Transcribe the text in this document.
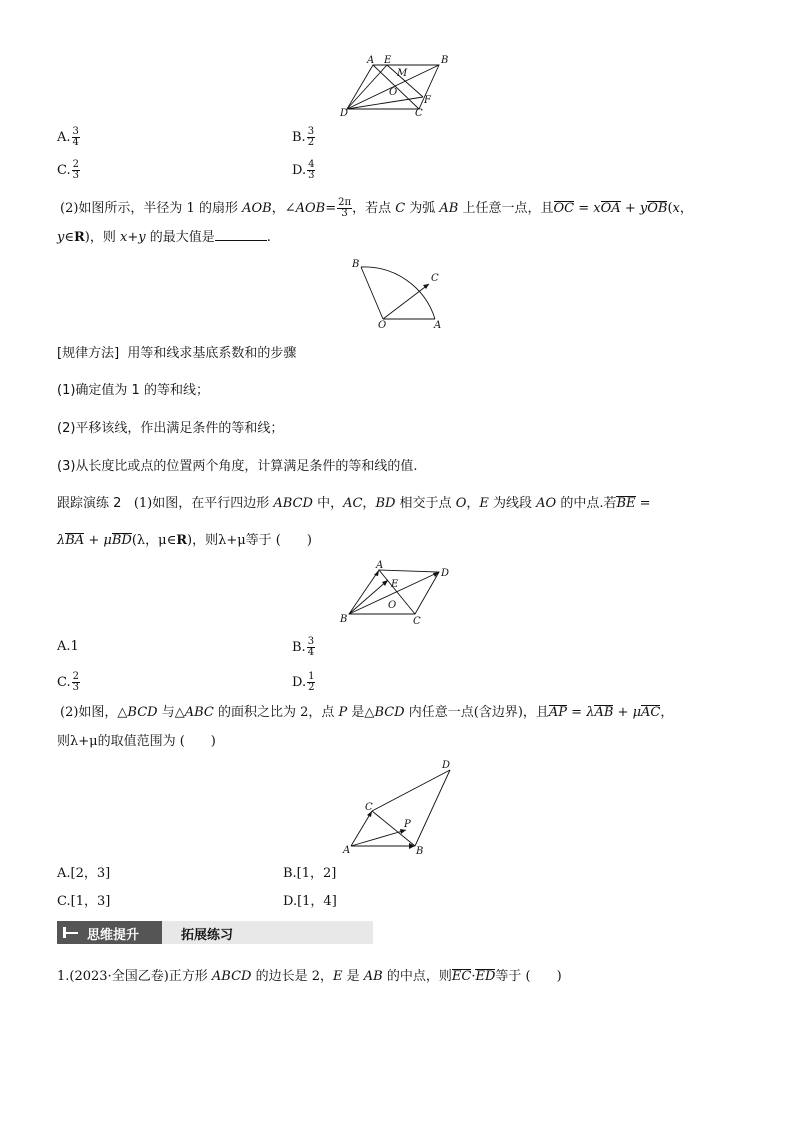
A E	B
M
O
F
D	C
A. $\frac{3}{4}$	B. $\frac{3}{2}$
C. $\frac{2}{3}$	D. $\frac{4}{3}$
(2)如图所示，半径为 1 的扇形 AOB，∠AOB= $\frac{2\pi}{3}$ ，若点 C 为弧 AB 上任意一点，且OC = xOA + yOB(x，
y∈R)，则 x+y 的最大值是	.
B
C
O	A
[规律方法] 用等和线求基底系数和的步骤
(1)确定值为 1 的等和线；
(2)平移该线，作出满足条件的等和线；
(3)从长度比或点的位置两个角度，计算满足条件的等和线的值.
跟踪演练 2 (1)如图，在平行四边形 ABCD 中，AC，BD 相交于点 O，E 为线段 AO 的中点.若BE =
λBA + μBD(λ，μ∈R)，则λ+μ等于 (　　)
A
D
E
O
B	C
A.1	B. $\frac{3}{4}$
C. $\frac{2}{3}$	D. $\frac{1}{2}$
(2)如图，△BCD 与△ABC 的面积之比为 2，点 P 是△BCD 内任意一点(含边界)，且AP = λAB + μAC，
则λ+μ的取值范围为 (　　)
D
C
P
A	B
A.[2，3]	B.[1，2]
C.[1，3]	D.[1，4]
思维提升	拓展练习
1.(2023·全国乙卷)正方形 ABCD 的边长是 2，E 是 AB 的中点，则EC·ED等于 (　　)
